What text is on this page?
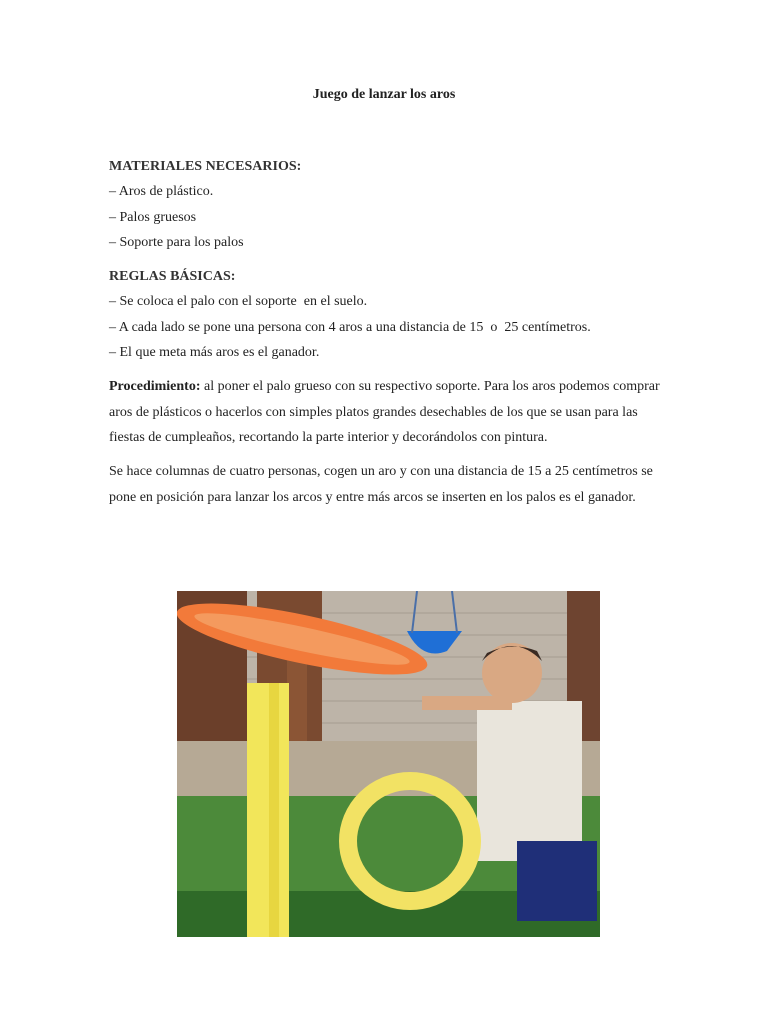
Juego de lanzar los aros
MATERIALES NECESARIOS:
– Aros de plástico.
– Palos gruesos
– Soporte para los palos
REGLAS BÁSICAS:
– Se coloca el palo con el soporte  en el suelo.
– A cada lado se pone una persona con 4 aros a una distancia de 15  o  25 centímetros.
– El que meta más aros es el ganador.
Procedimiento: al poner el palo grueso con su respectivo soporte. Para los aros podemos comprar aros de plásticos o hacerlos con simples platos grandes desechables de los que se usan para las fiestas de cumpleaños, recortando la parte interior y decorándolos con pintura.
Se hace columnas de cuatro personas, cogen un aro y con una distancia de 15 a 25 centímetros se pone en posición para lanzar los arcos y entre más arcos se inserten en los palos es el ganador.
